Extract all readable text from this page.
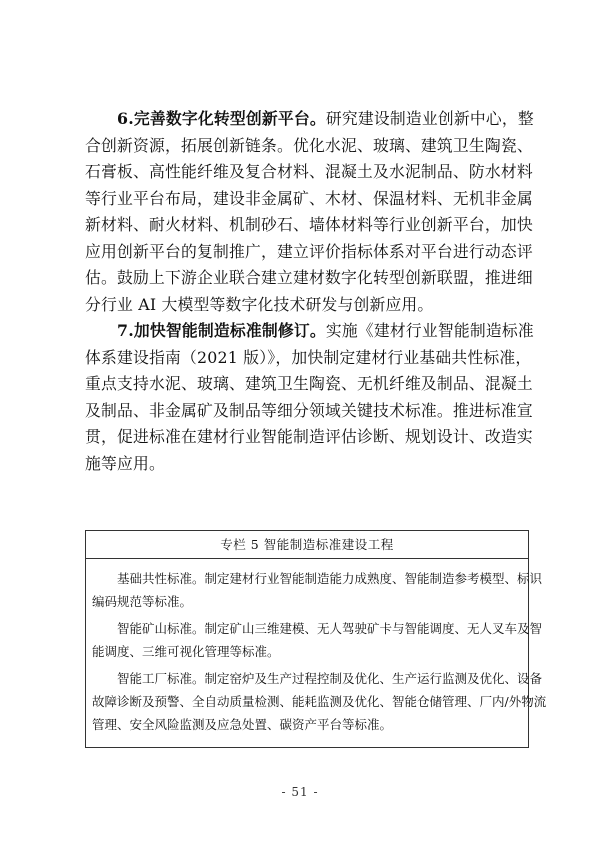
6.完善数字化转型创新平台。研究建设制造业创新中心，整
合创新资源，拓展创新链条。优化水泥、玻璃、建筑卫生陶瓷、
石膏板、高性能纤维及复合材料、混凝土及水泥制品、防水材料
等行业平台布局，建设非金属矿、木材、保温材料、无机非金属
新材料、耐火材料、机制砂石、墙体材料等行业创新平台，加快
应用创新平台的复制推广，建立评价指标体系对平台进行动态评
估。鼓励上下游企业联合建立建材数字化转型创新联盟，推进细
分行业 AI 大模型等数字化技术研发与创新应用。
7.加快智能制造标准制修订。实施《建材行业智能制造标准
体系建设指南（2021 版）》，加快制定建材行业基础共性标准，
重点支持水泥、玻璃、建筑卫生陶瓷、无机纤维及制品、混凝土
及制品、非金属矿及制品等细分领域关键技术标准。推进标准宣
贯，促进标准在建材行业智能制造评估诊断、规划设计、改造实
施等应用。
专栏 5 智能制造标准建设工程
　　基础共性标准。制定建材行业智能制造能力成熟度、智能制造参考模型、标识
编码规范等标准。
　　智能矿山标准。制定矿山三维建模、无人驾驶矿卡与智能调度、无人叉车及智
能调度、三维可视化管理等标准。
　　智能工厂标准。制定窑炉及生产过程控制及优化、生产运行监测及优化、设备
故障诊断及预警、全自动质量检测、能耗监测及优化、智能仓储管理、厂内/外物流
管理、安全风险监测及应急处置、碳资产平台等标准。
- 51 -
